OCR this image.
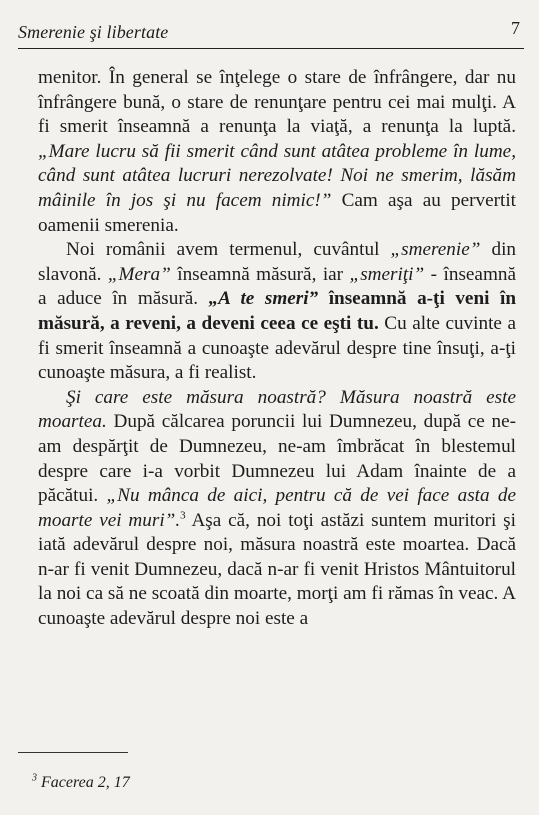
Smerenie şi libertate	7

menitor. În general se înţelege o stare de înfrângere, dar nu înfrângere bună, o stare de renunţare pentru cei mai mulţi. A fi smerit înseamnă a renunţa la viaţă, a renunţa la luptă. „Mare lucru să fii smerit când sunt atâtea probleme în lume, când sunt atâtea lucruri nerezolvate! Noi ne smerim, lăsăm mâinile în jos şi nu facem nimic!” Cam aşa au pervertit oamenii smerenia.

Noi românii avem termenul, cuvântul „smerenie” din slavonă. „Mera” înseamnă măsură, iar „smeriţi” - înseamnă a aduce în măsură. „A te smeri” înseamnă a-ţi veni în măsură, a reveni, a deveni ceea ce eşti tu. Cu alte cuvinte a fi smerit înseamnă a cunoaşte adevărul despre tine însuţi, a-ţi cunoaşte măsura, a fi realist.

Şi care este măsura noastră? Măsura noastră este moartea. După călcarea poruncii lui Dumnezeu, după ce ne-am despărţit de Dumnezeu, ne-am îmbrăcat în blestemul despre care i-a vorbit Dumnezeu lui Adam înainte de a păcătui. „Nu mânca de aici, pentru că de vei face asta de moarte vei muri”.$^3$ Aşa că, noi toţi astăzi suntem muritori şi iată adevărul despre noi, măsura noastră este moartea. Dacă n-ar fi venit Dumnezeu, dacă n-ar fi venit Hristos Mântuitorul la noi ca să ne scoată din moarte, morţi am fi rămas în veac. A cunoaşte adevărul despre noi este a

$^3$ Facerea 2, 17
